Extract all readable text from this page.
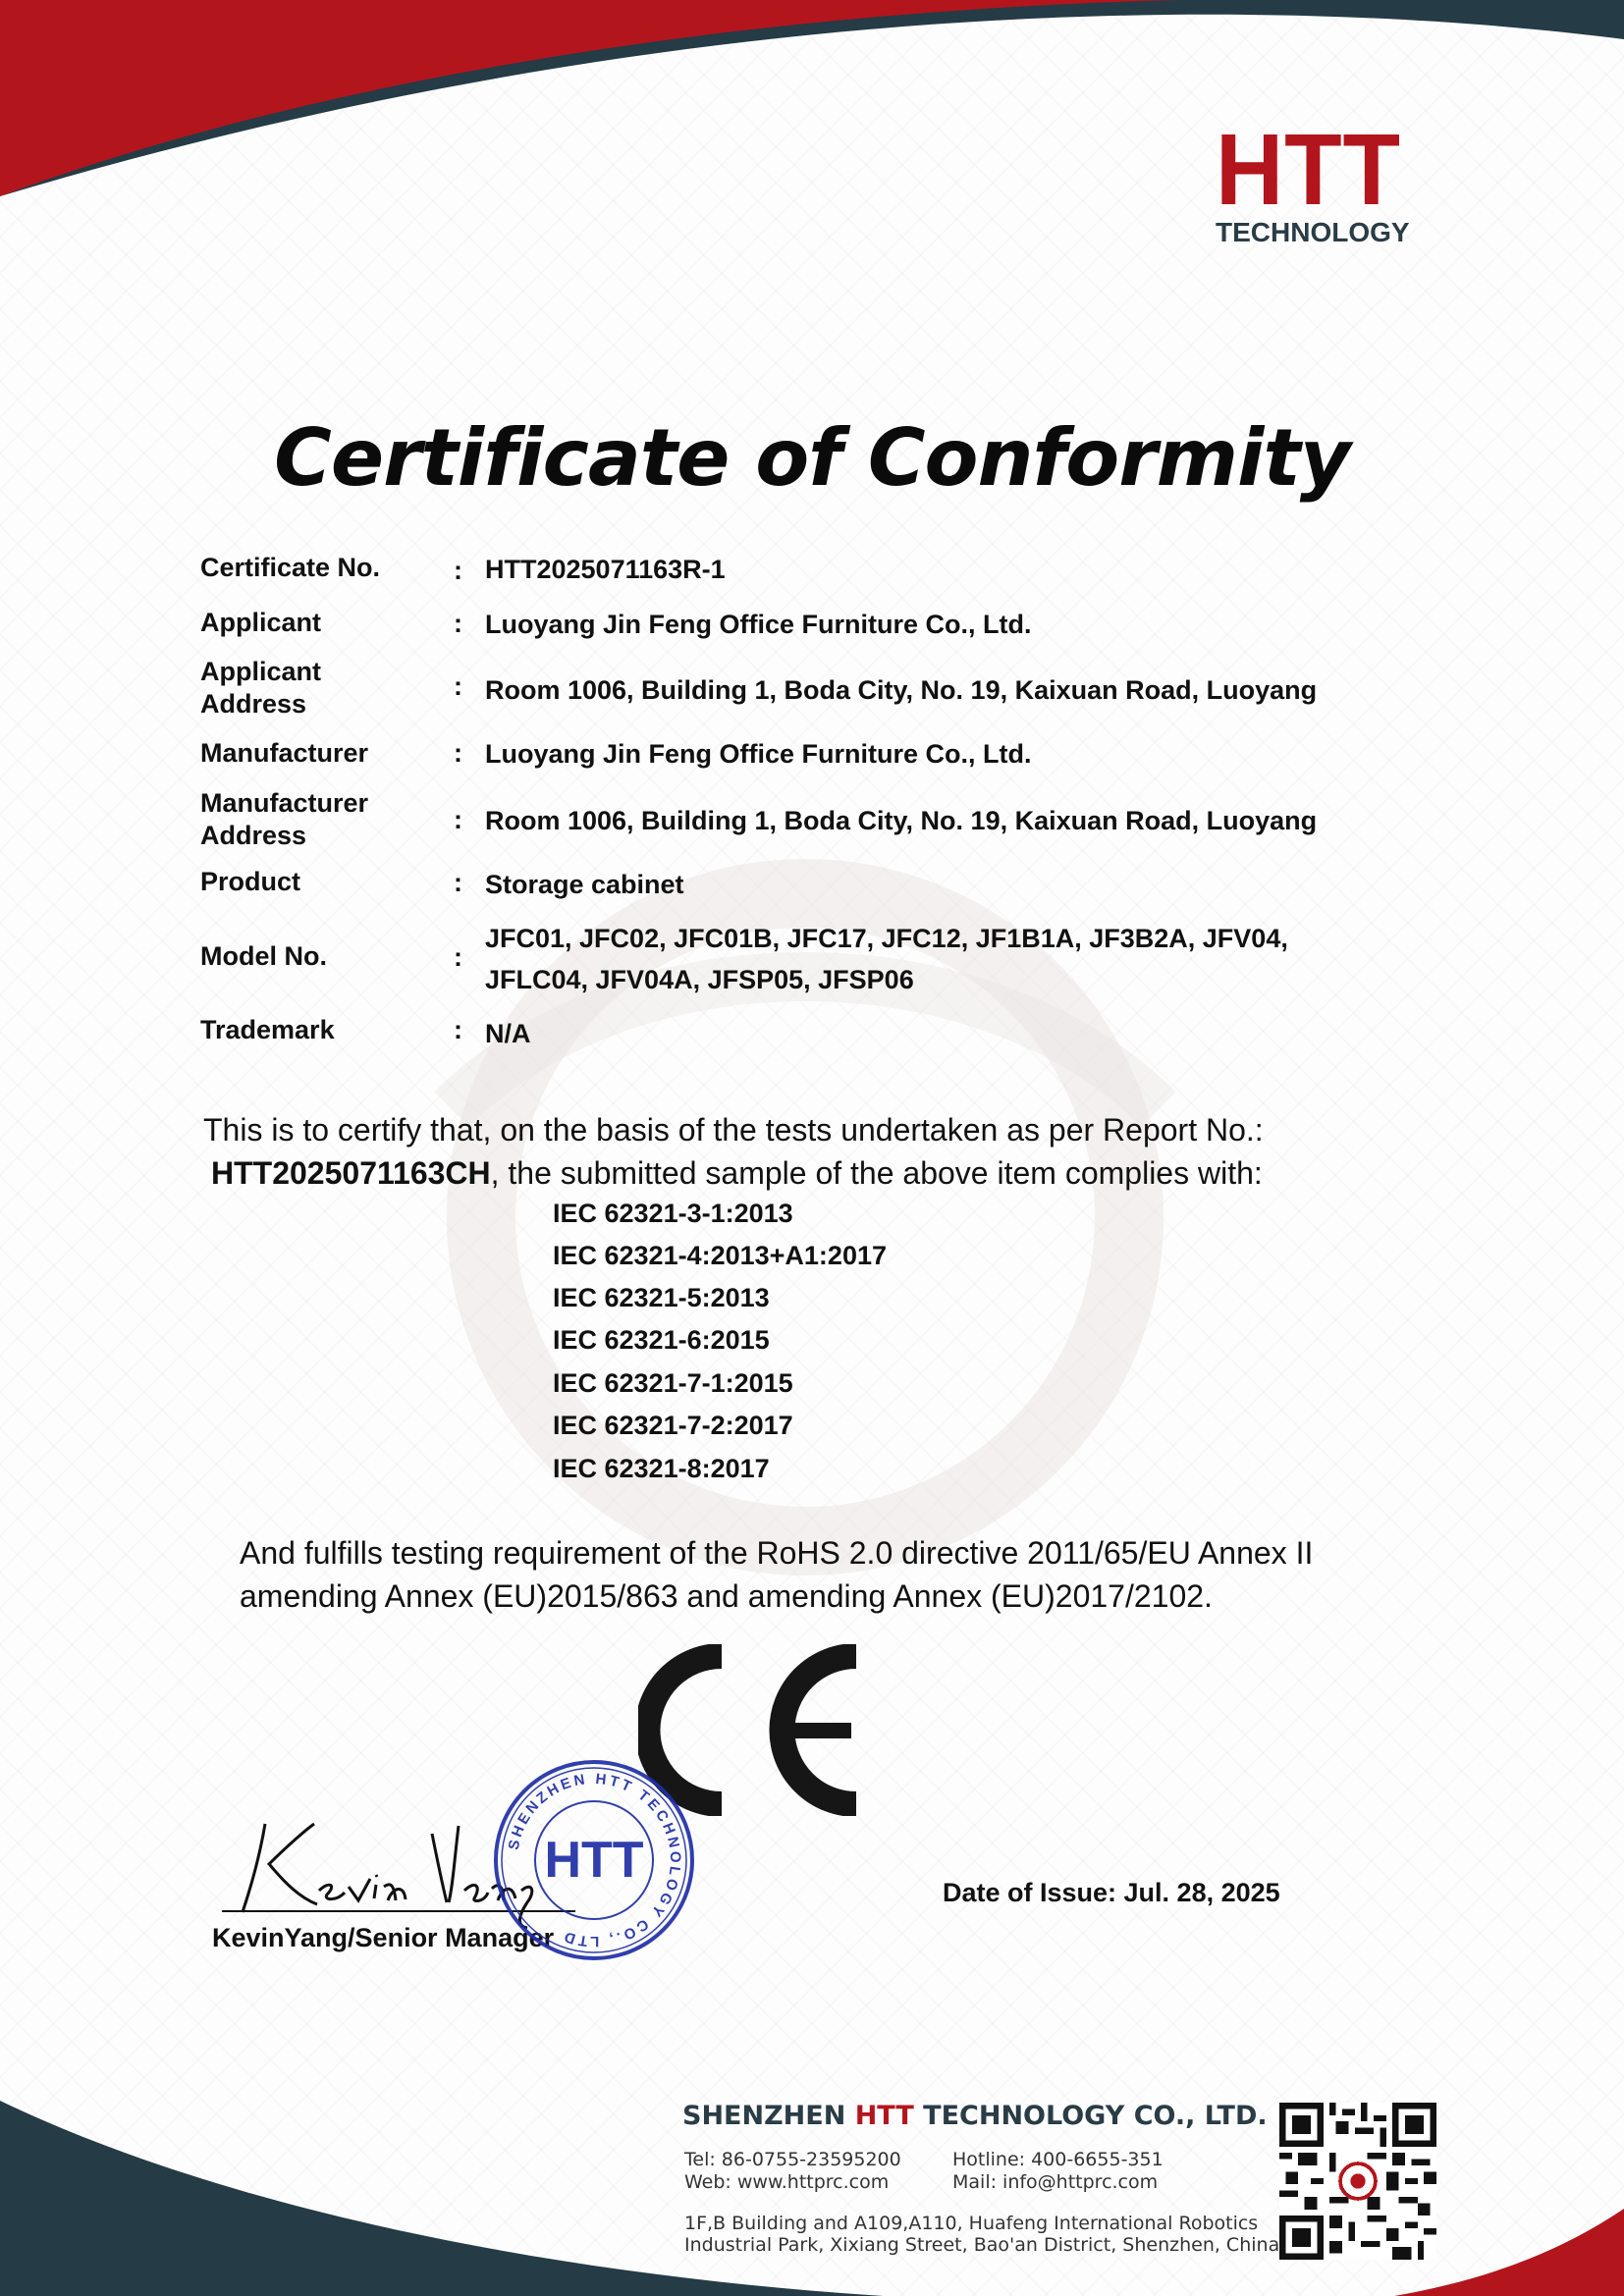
HTT
TECHNOLOGY
Certificate of Conformity
Certificate No.	: HTT2025071163R-1
Applicant	: Luoyang Jin Feng Office Furniture Co., Ltd.
Applicant
Address
: Room 1006, Building 1, Boda City, No. 19, Kaixuan Road, Luoyang
Manufacturer	: Luoyang Jin Feng Office Furniture Co., Ltd.
Manufacturer
Address
: Room 1006, Building 1, Boda City, No. 19, Kaixuan Road, Luoyang
Product	: Storage cabinet
Model No.	:
JFC01, JFC02, JFC01B, JFC17, JFC12, JF1B1A, JF3B2A, JFV04,
JFLC04, JFV04A, JFSP05, JFSP06
Trademark	: N/A
This is to certify that, on the basis of the tests undertaken as per Report No.:
HTT2025071163CH, the submitted sample of the above item complies with:
IEC 62321-3-1:2013
IEC 62321-4:2013+A1:2017
IEC 62321-5:2013
IEC 62321-6:2015
IEC 62321-7-1:2015
IEC 62321-7-2:2017
IEC 62321-8:2017
And fulfills testing requirement of the RoHS 2.0 directive 2011/65/EU Annex II
amending Annex (EU)2015/863 and amending Annex (EU)2017/2102.
KevinYang/Senior Manager
SHENZHEN HTT TECHNOLOGY CO., LTD
HTT
Date of Issue: Jul. 28, 2025
SHENZHEN HTT TECHNOLOGY CO., LTD.
Tel: 86-0755-23595200	Hotline: 400-6655-351
Web: www.httprc.com	Mail: info@httprc.com
1F,B Building and A109,A110, Huafeng International Robotics
Industrial Park, Xixiang Street, Bao'an District, Shenzhen, China
